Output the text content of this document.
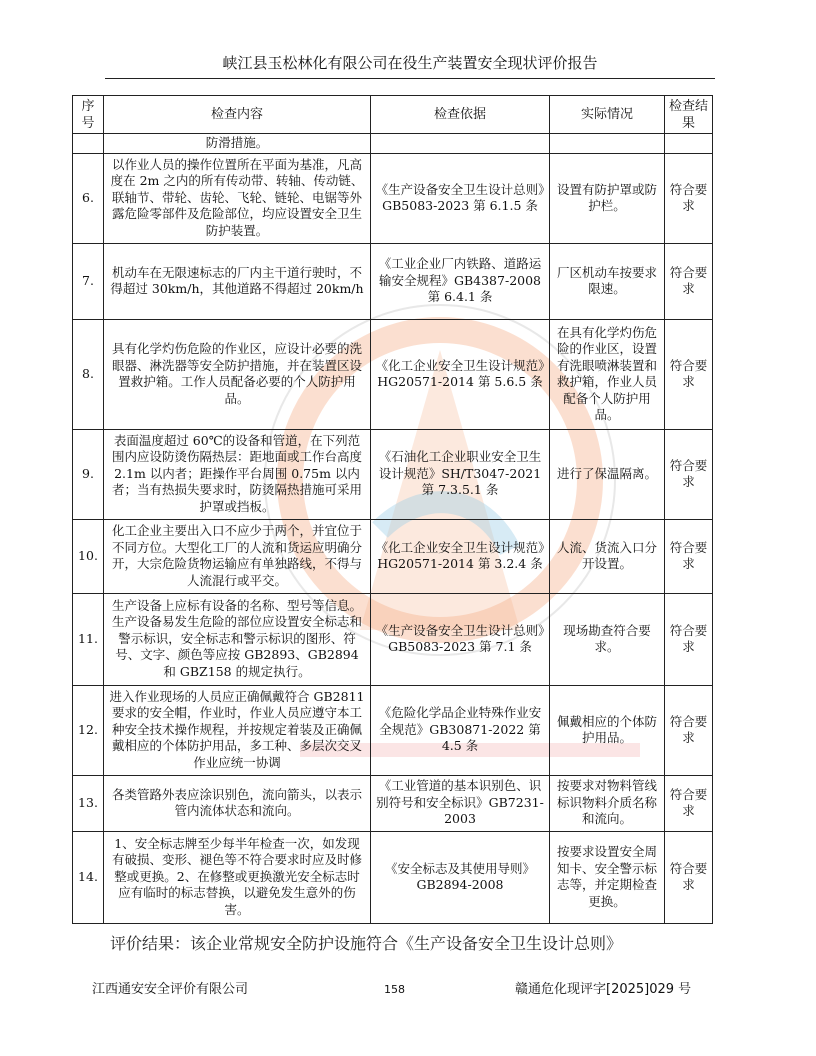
峡江县玉松林化有限公司在役生产装置安全现状评价报告
序号	检查内容	检查依据	实际情况	检查结果
	防滑措施。			
6.	以作业人员的操作位置所在平面为基准，凡高度在 2m 之内的所有传动带、转轴、传动链、联轴节、带轮、齿轮、飞轮、链轮、电锯等外露危险零部件及危险部位，均应设置安全卫生防护装置。	《生产设备安全卫生设计总则》GB5083-2023 第 6.1.5 条	设置有防护罩或防护栏。	符合要求
7.	机动车在无限速标志的厂内主干道行驶时，不得超过 30km/h，其他道路不得超过 20km/h	《工业企业厂内铁路、道路运输安全规程》GB4387-2008 第 6.4.1 条	厂区机动车按要求限速。	符合要求
8.	具有化学灼伤危险的作业区，应设计必要的洗眼器、淋洗器等安全防护措施，并在装置区设置救护箱。工作人员配备必要的个人防护用品。	《化工企业安全卫生设计规范》HG20571-2014 第 5.6.5 条	在具有化学灼伤危险的作业区，设置有洗眼喷淋装置和救护箱，作业人员配备个人防护用品。	符合要求
9.	表面温度超过 60℃的设备和管道，在下列范围内应设防烫伤隔热层：距地面或工作台高度 2.1m 以内者；距操作平台周围 0.75m 以内者；当有热损失要求时，防烫隔热措施可采用护罩或挡板。	《石油化工企业职业安全卫生设计规范》SH/T3047-2021 第 7.3.5.1 条	进行了保温隔离。	符合要求
10.	化工企业主要出入口不应少于两个，并宜位于不同方位。大型化工厂的人流和货运应明确分开，大宗危险货物运输应有单独路线，不得与人流混行或平交。	《化工企业安全卫生设计规范》HG20571-2014 第 3.2.4 条	人流、货流入口分开设置。	符合要求
11.	生产设备上应标有设备的名称、型号等信息。生产设备易发生危险的部位应设置安全标志和警示标识，安全标志和警示标识的图形、符号、文字、颜色等应按 GB2893、GB2894 和 GBZ158 的规定执行。	《生产设备安全卫生设计总则》GB5083-2023 第 7.1 条	现场勘查符合要求。	符合要求
12.	进入作业现场的人员应正确佩戴符合 GB2811 要求的安全帽，作业时，作业人员应遵守本工种安全技术操作规程，并按规定着装及正确佩戴相应的个体防护用品，多工种、多层次交叉作业应统一协调	《危险化学品企业特殊作业安全规范》GB30871-2022 第 4.5 条	佩戴相应的个体防护用品。	符合要求
13.	各类管路外表应涂识别色，流向箭头，以表示管内流体状态和流向。	《工业管道的基本识别色、识别符号和安全标识》GB7231-2003	按要求对物料管线标识物料介质名称和流向。	符合要求
14.	1、安全标志牌至少每半年检查一次，如发现有破损、变形、褪色等不符合要求时应及时修整或更换。2、在修整或更换激光安全标志时应有临时的标志替换，以避免发生意外的伤害。	《安全标志及其使用导则》GB2894-2008	按要求设置安全周知卡、安全警示标志等，并定期检查更换。	符合要求
评价结果：该企业常规安全防护设施符合《生产设备安全卫生设计总则》
江西通安安全评价有限公司	158	赣通危化现评字[2025]029 号
